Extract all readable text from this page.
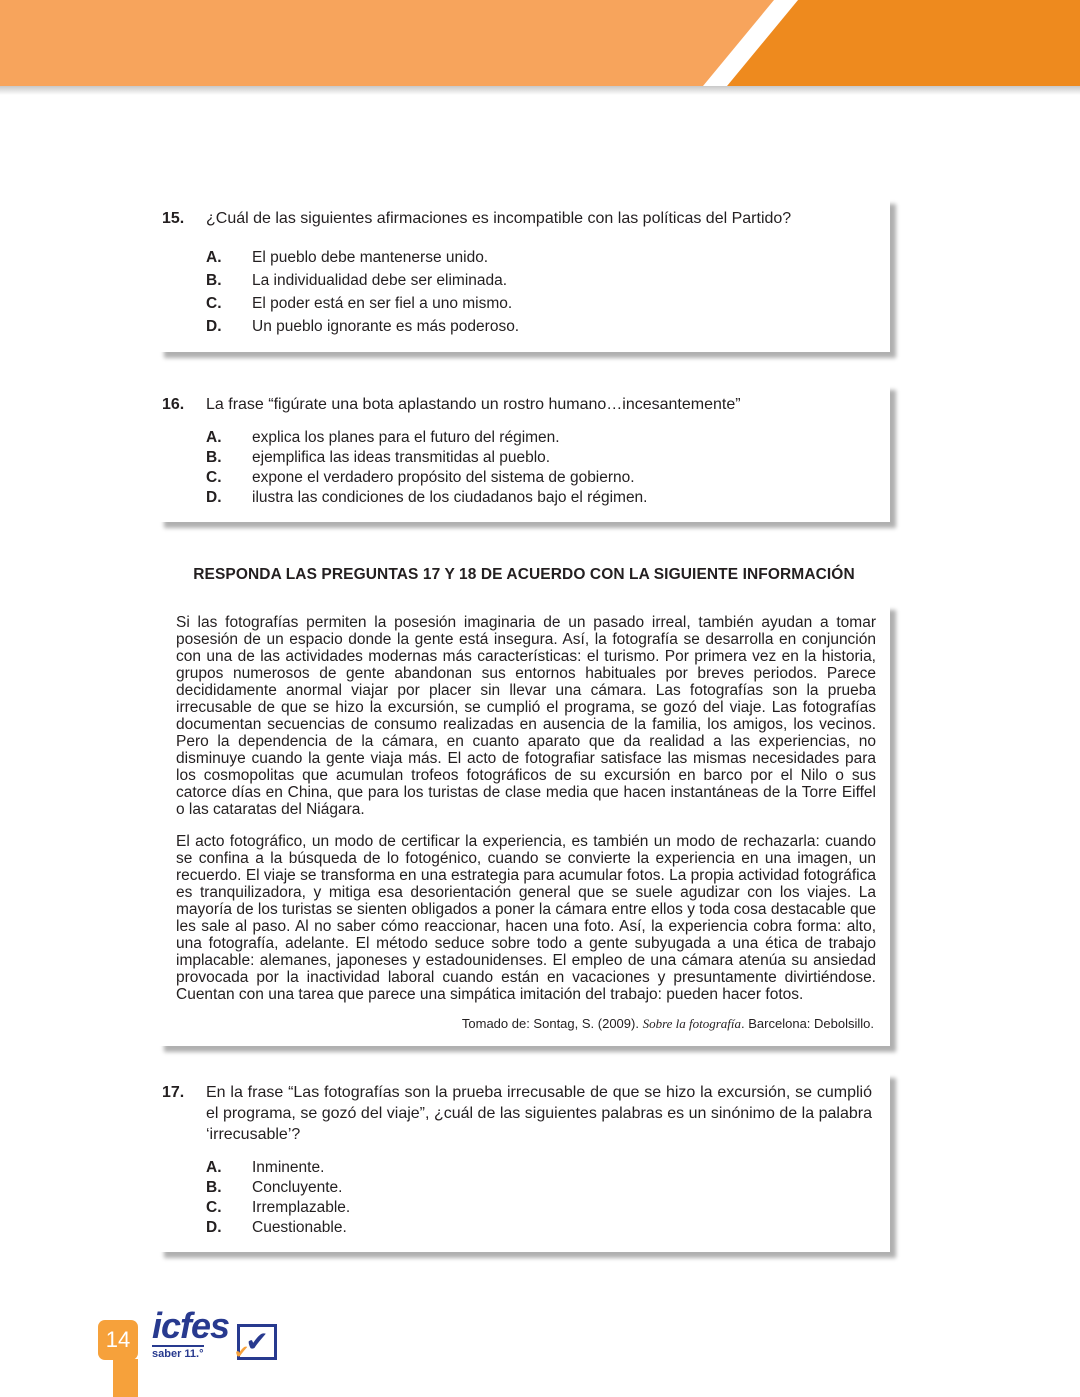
15.	¿Cuál de las siguientes afirmaciones es incompatible con las políticas del Partido?

A.	El pueblo debe mantenerse unido.
B.	La individualidad debe ser eliminada.
C.	El poder está en ser fiel a uno mismo.
D.	Un pueblo ignorante es más poderoso.
16.	La frase “figúrate una bota aplastando un rostro humano…incesantemente”

A.	explica los planes para el futuro del régimen.
B.	ejemplifica las ideas transmitidas al pueblo.
C.	expone el verdadero propósito del sistema de gobierno.
D.	ilustra las condiciones de los ciudadanos bajo el régimen.
RESPONDA LAS PREGUNTAS 17 Y 18 DE ACUERDO CON LA SIGUIENTE INFORMACIÓN

Si las fotografías permiten la posesión imaginaria de un pasado irreal, también ayudan a tomar posesión de un espacio donde la gente está insegura. Así, la fotografía se desarrolla en conjunción con una de las actividades modernas más características: el turismo. Por primera vez en la historia, grupos numerosos de gente abandonan sus entornos habituales por breves periodos. Parece decididamente anormal viajar por placer sin llevar una cámara. Las fotografías son la prueba irrecusable de que se hizo la excursión, se cumplió el programa, se gozó del viaje. Las fotografías documentan secuencias de consumo realizadas en ausencia de la familia, los amigos, los vecinos. Pero la dependencia de la cámara, en cuanto aparato que da realidad a las experiencias, no disminuye cuando la gente viaja más. El acto de fotografiar satisface las mismas necesidades para los cosmopolitas que acumulan trofeos fotográficos de su excursión en barco por el Nilo o sus catorce días en China, que para los turistas de clase media que hacen instantáneas de la Torre Eiffel o las cataratas del Niágara.

El acto fotográfico, un modo de certificar la experiencia, es también un modo de rechazarla: cuando se confina a la búsqueda de lo fotogénico, cuando se convierte la experiencia en una imagen, un recuerdo. El viaje se transforma en una estrategia para acumular fotos. La propia actividad fotográfica es tranquilizadora, y mitiga esa desorientación general que se suele agudizar con los viajes. La mayoría de los turistas se sienten obligados a poner la cámara entre ellos y toda cosa destacable que les sale al paso. Al no saber cómo reaccionar, hacen una foto. Así, la experiencia cobra forma: alto, una fotografía, adelante. El método seduce sobre todo a gente subyugada a una ética de trabajo implacable: alemanes, japoneses y estadounidenses. El empleo de una cámara atenúa su ansiedad provocada por la inactividad laboral cuando están en vacaciones y presuntamente divirtiéndose. Cuentan con una tarea que parece una simpática imitación del trabajo: pueden hacer fotos.

Tomado de: Sontag, S. (2009). Sobre la fotografía. Barcelona: Debolsillo.

17.	En la frase “Las fotografías son la prueba irrecusable de que se hizo la excursión, se cumplió el programa, se gozó del viaje”, ¿cuál de las siguientes palabras es un sinónimo de la palabra ‘irrecusable’?

A.	Inminente.
B.	Concluyente.
C.	Irremplazable.
D.	Cuestionable.
14 icfes
saber 11.° ✔
✔
